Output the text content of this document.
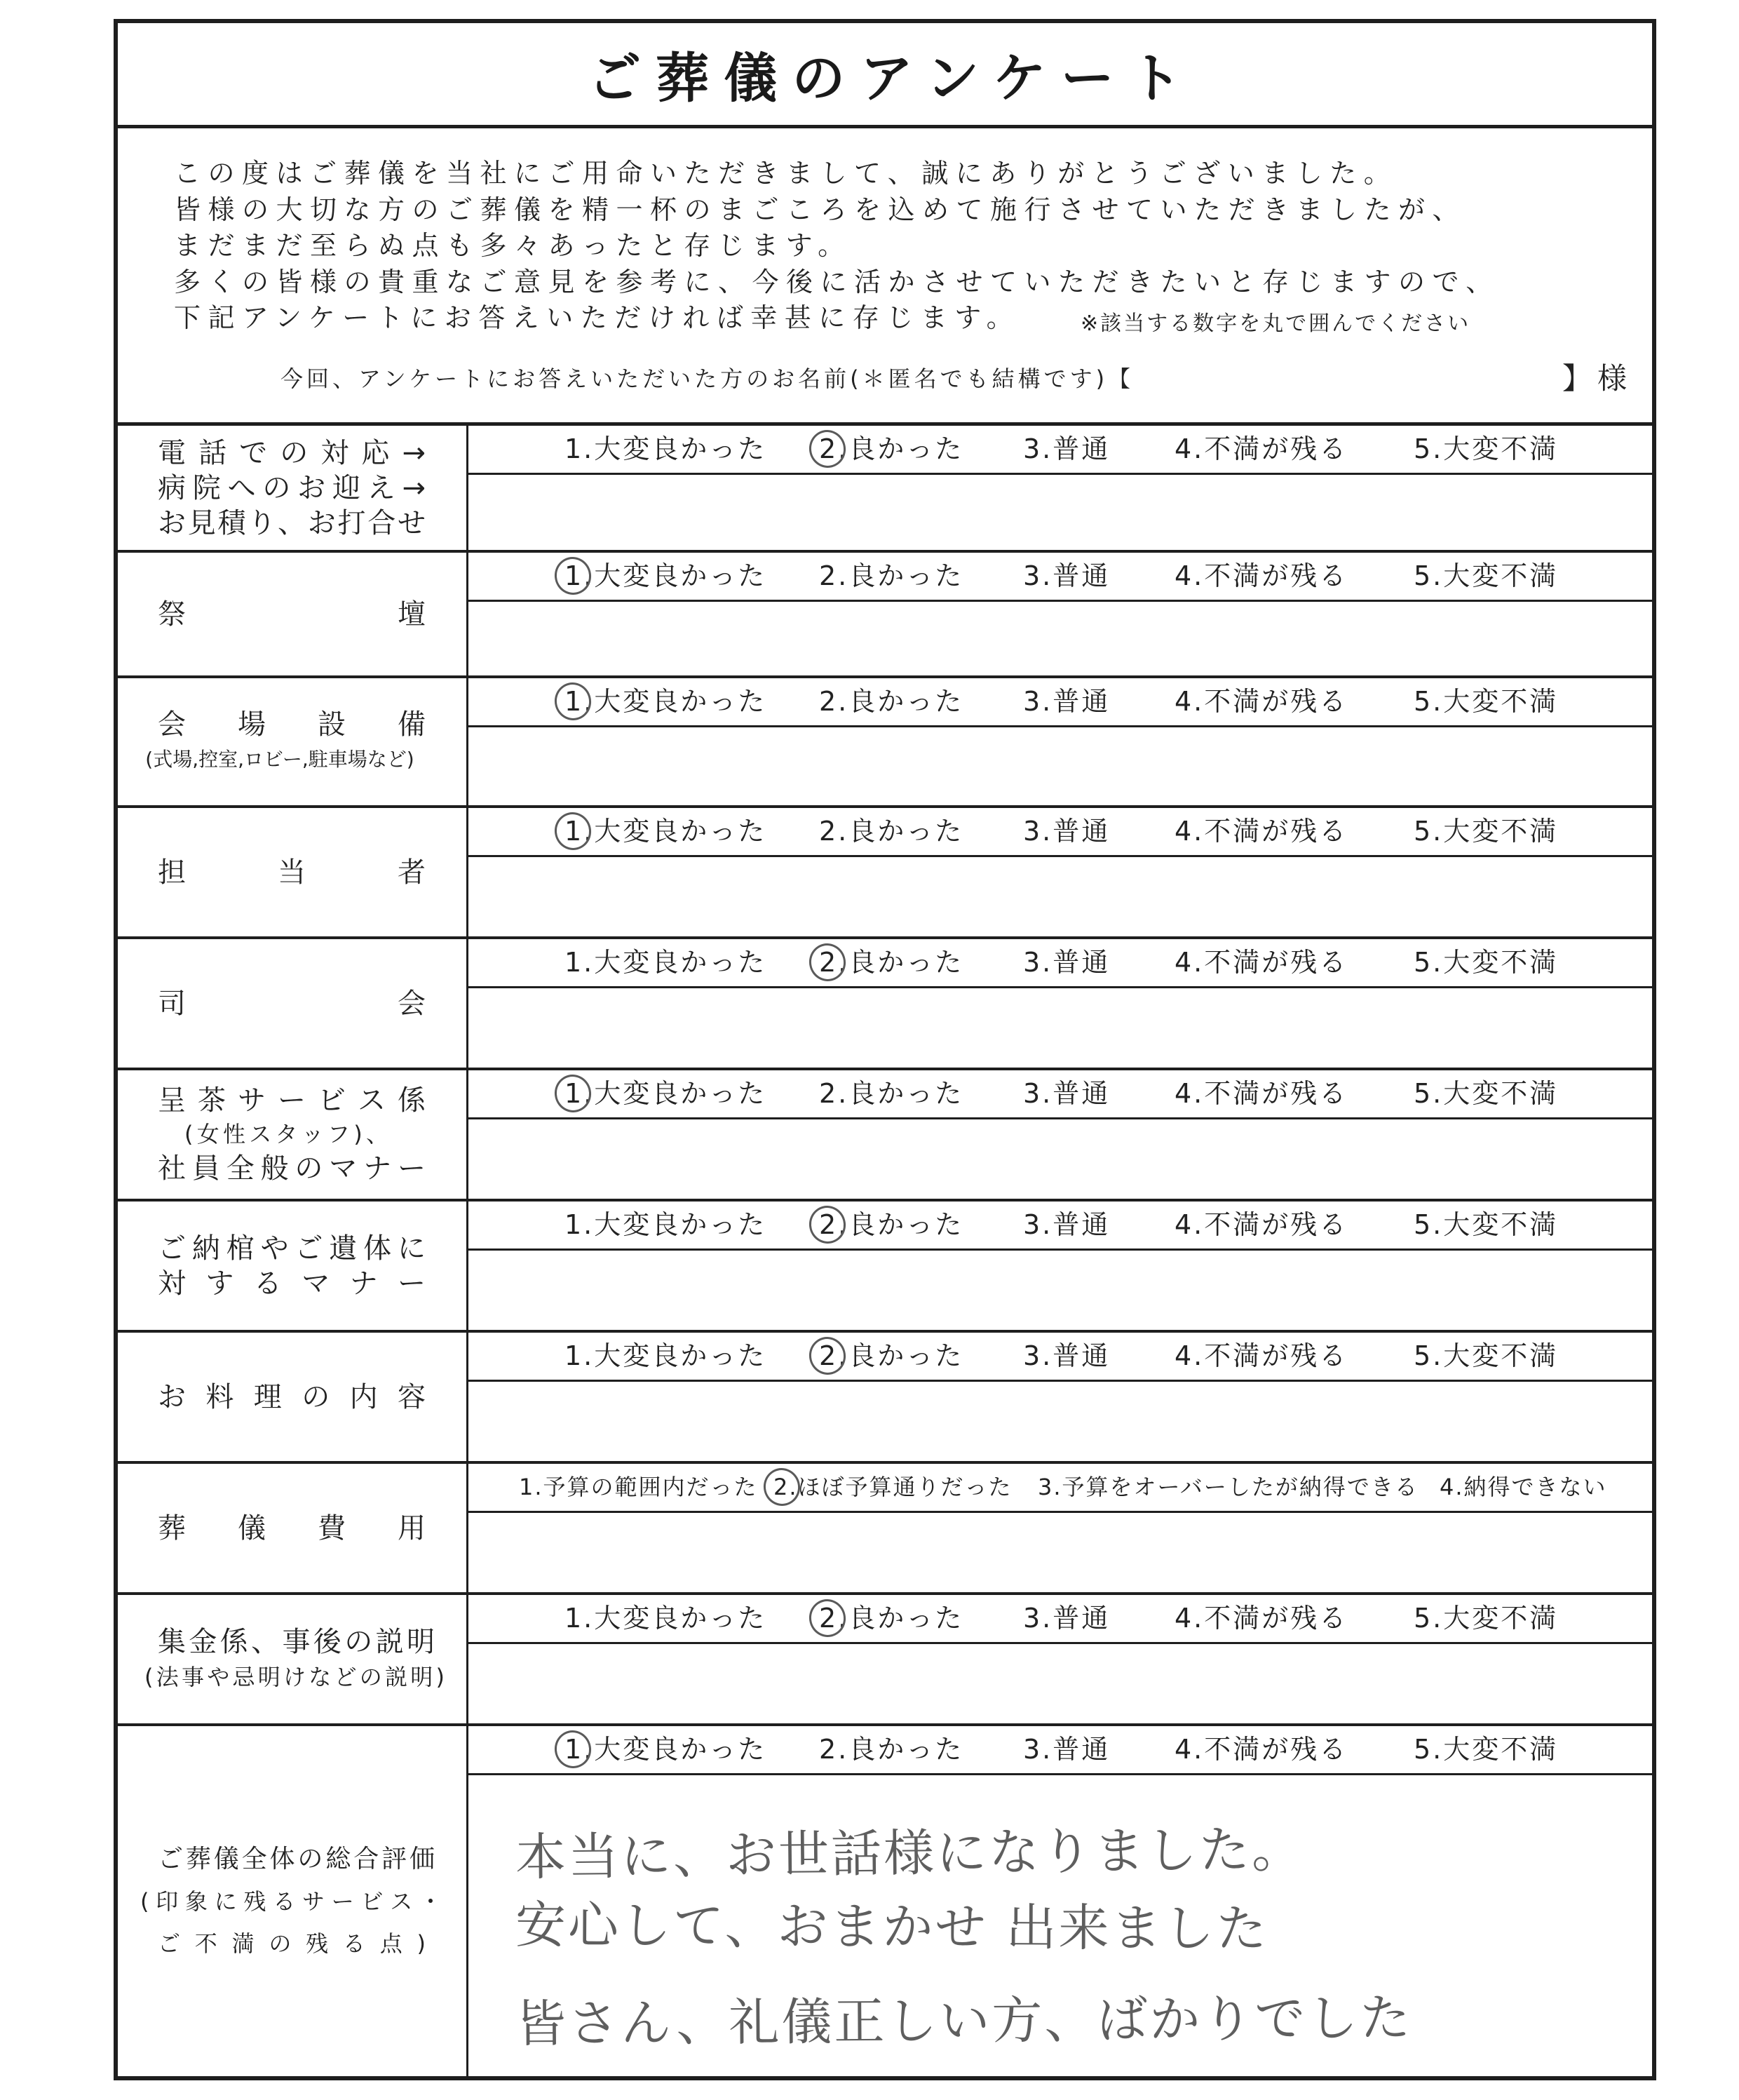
ご葬儀のアンケート
この度はご葬儀を当社にご用命いただきまして、誠にありがとうございました。
皆様の大切な方のご葬儀を精一杯のまごころを込めて施行させていただきましたが、
まだまだ至らぬ点も多々あったと存じます。
多くの皆様の貴重なご意見を参考に、今後に活かさせていただきたいと存じますので、
下記アンケートにお答えいただければ幸甚に存じます。	※該当する数字を丸で囲んでください
今回、アンケートにお答えいただいた方のお名前(＊匿名でも結構です)【	】様
電話での対応→
病院へのお迎え→
お見積り、お打合せ
1.大変良かった 2.良かった 3.普通 4.不満が残る 5.大変不満
祭壇
1.大変良かった 2.良かった 3.普通 4.不満が残る 5.大変不満
会場設備
(式場,控室,ロビー,駐車場など)
1.大変良かった 2.良かった 3.普通 4.不満が残る 5.大変不満
担当者
1.大変良かった 2.良かった 3.普通 4.不満が残る 5.大変不満
司会
1.大変良かった 2.良かった 3.普通 4.不満が残る 5.大変不満
呈茶サービス係
(女性スタッフ)、
社員全般のマナー
1.大変良かった 2.良かった 3.普通 4.不満が残る 5.大変不満
ご納棺やご遺体に
対するマナー
1.大変良かった 2.良かった 3.普通 4.不満が残る 5.大変不満
お料理の内容
1.大変良かった 2.良かった 3.普通 4.不満が残る 5.大変不満
葬儀費用
1.予算の範囲内だった 2.ほぼ予算通りだった 3.予算をオーバーしたが納得できる 4.納得できない
集金係、事後の説明
(法事や忌明けなどの説明)
1.大変良かった 2.良かった 3.普通 4.不満が残る 5.大変不満
ご葬儀全体の総合評価
(印象に残るサービス・
ご不満の残る点)
1.大変良かった 2.良かった 3.普通 4.不満が残る 5.大変不満
本当に、お世話様になりました。
安心して、おまかせ 出来ました
皆さん、礼儀正しい方、ばかりでした
